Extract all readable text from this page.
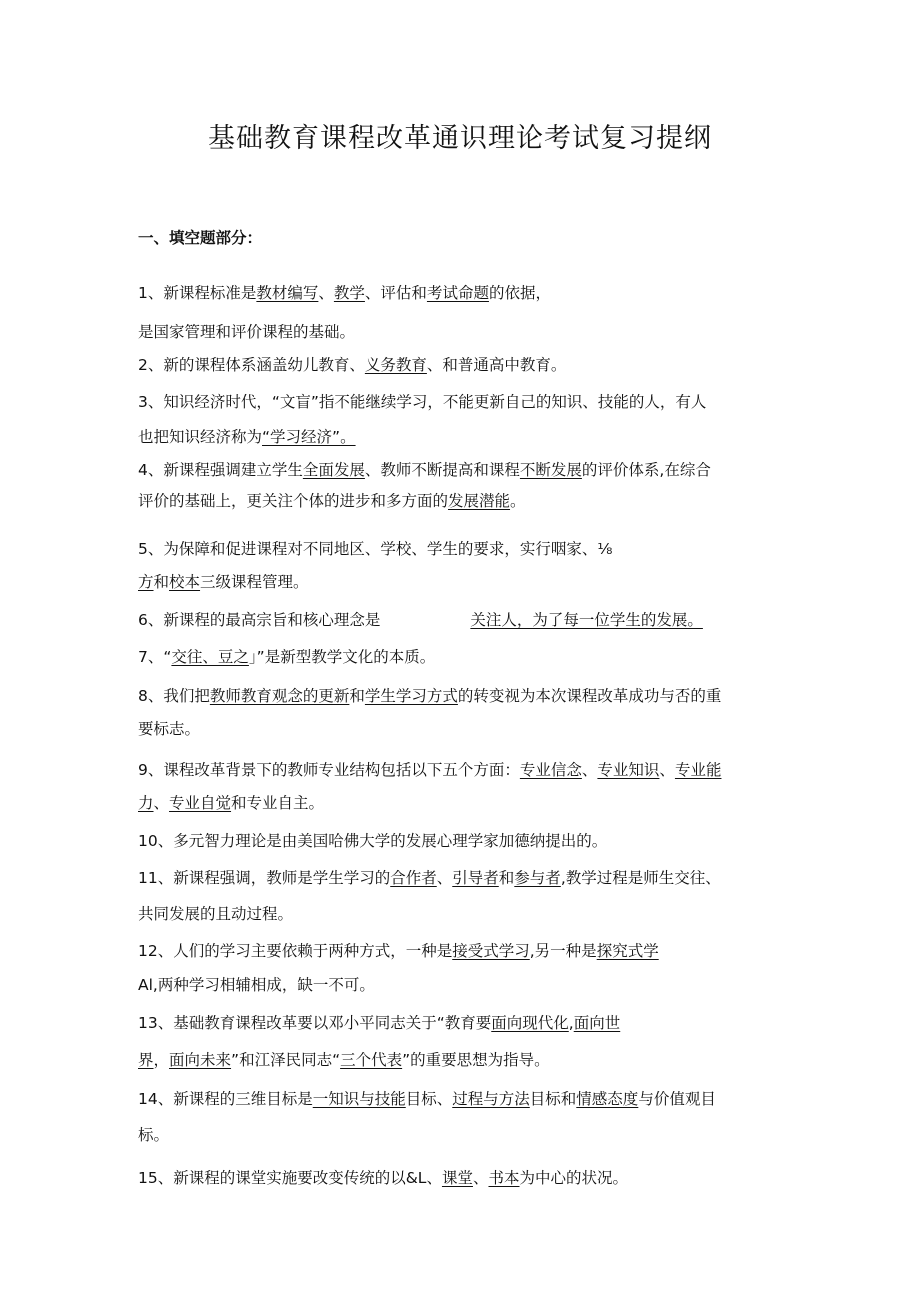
基础教育课程改革通识理论考试复习提纲
一、填空题部分：
1、新课程标准是教材编写、教学、评估和考试命题的依据，
是国家管理和评价课程的基础。
2、新的课程体系涵盖幼儿教育、义务教育、和普通高中教育。
3、知识经济时代，“文盲”指不能继续学习，不能更新自己的知识、技能的人，有人
也把知识经济称为“学习经济”。
4、新课程强调建立学生全面发展、教师不断提高和课程不断发展的评价体系,在综合
评价的基础上，更关注个体的进步和多方面的发展潜能。
5、为保障和促进课程对不同地区、学校、学生的要求，实行咽家、⅛
方和校本三级课程管理。
6、新课程的最高宗旨和核心理念是	关注人，为了每一位学生的发展。
7、“交往、豆之」”是新型教学文化的本质。
8、我们把教师教育观念的更新和学生学习方式的转变视为本次课程改革成功与否的重
要标志。
9、课程改革背景下的教师专业结构包括以下五个方面：专业信念、专业知识、专业能
力、专业自觉和专业自主。
10、多元智力理论是由美国哈佛大学的发展心理学家加德纳提出的。
11、新课程强调，教师是学生学习的合作者、引导者和参与者,教学过程是师生交往、
共同发展的且动过程。
12、人们的学习主要依赖于两种方式，一种是接受式学习,另一种是探究式学
Al,两种学习相辅相成，缺一不可。
13、基础教育课程改革要以邓小平同志关于“教育要面向现代化,面向世
界，面向未来”和江泽民同志“三个代表”的重要思想为指导。
14、新课程的三维目标是一知识与技能目标、过程与方法目标和情感态度与价值观目
标。
15、新课程的课堂实施要改变传统的以&L、课堂、书本为中心的状况。
